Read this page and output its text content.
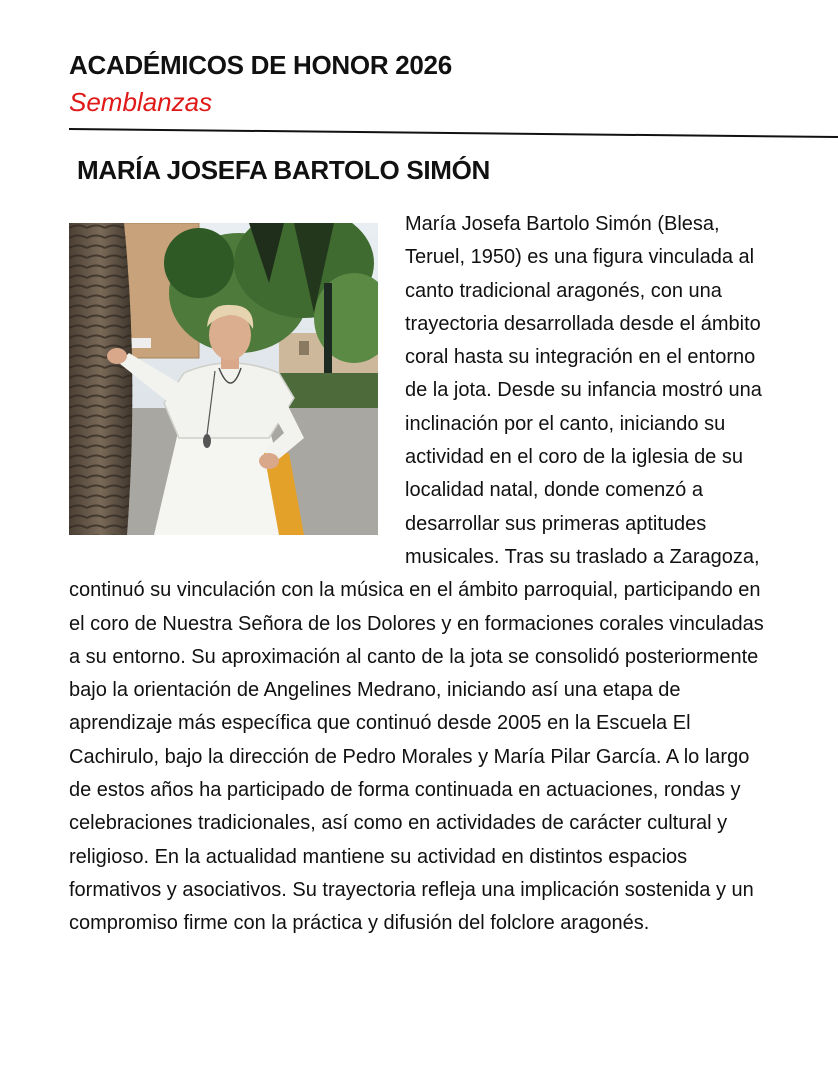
ACADÉMICOS DE HONOR 2026
Semblanzas
MARÍA JOSEFA BARTOLO SIMÓN

María Josefa Bartolo Simón (Blesa, Teruel, 1950) es una figura vinculada al canto tradicional aragonés, con una trayectoria desarrollada desde el ámbito coral hasta su integración en el entorno de la jota. Desde su infancia mostró una inclinación por el canto, iniciando su actividad en el coro de la iglesia de su localidad natal, donde comenzó a desarrollar sus primeras aptitudes musicales. Tras su traslado a Zaragoza, continuó su vinculación con la música en el ámbito parroquial, participando en el coro de Nuestra Señora de los Dolores y en formaciones corales vinculadas a su entorno. Su aproximación al canto de la jota se consolidó posteriormente bajo la orientación de Angelines Medrano, iniciando así una etapa de aprendizaje más específica que continuó desde 2005 en la Escuela El Cachirulo, bajo la dirección de Pedro Morales y María Pilar García. A lo largo de estos años ha participado de forma continuada en actuaciones, rondas y celebraciones tradicionales, así como en actividades de carácter cultural y religioso. En la actualidad mantiene su actividad en distintos espacios formativos y asociativos. Su trayectoria refleja una implicación sostenida y un compromiso firme con la práctica y difusión del folclore aragonés.
